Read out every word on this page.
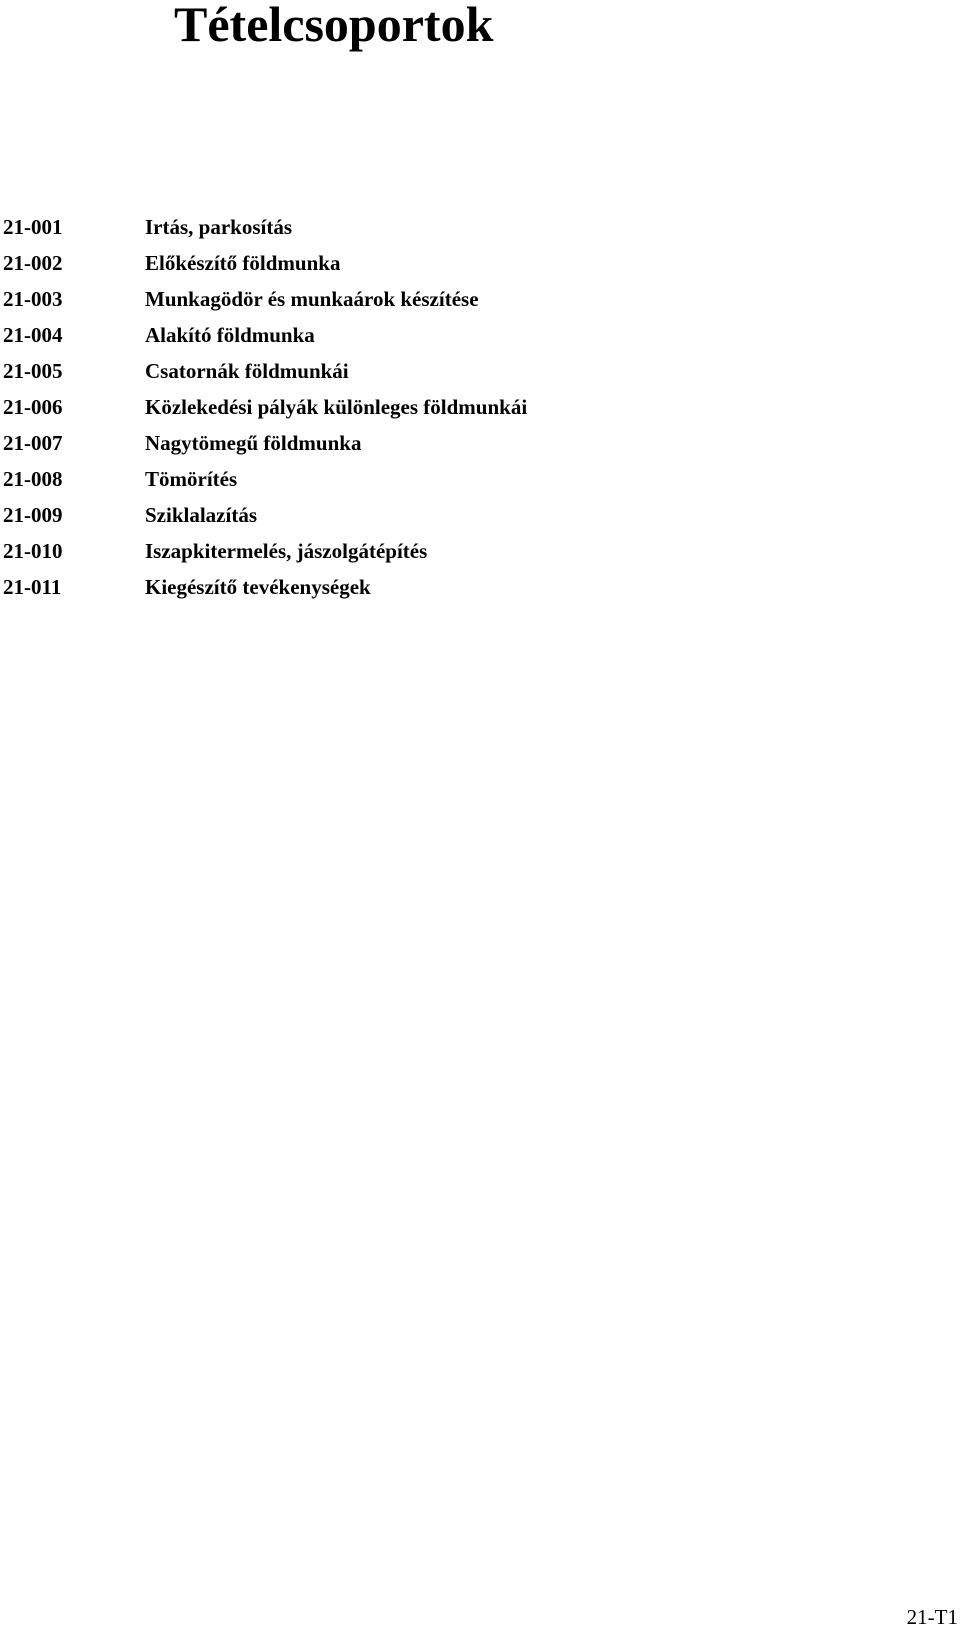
Tételcsoportok
21-001	Irtás, parkosítás
21-002	Előkészítő földmunka
21-003	Munkagödör és munkaárok készítése
21-004	Alakító földmunka
21-005	Csatornák földmunkái
21-006	Közlekedési pályák különleges földmunkái
21-007	Nagytömegű földmunka
21-008	Tömörítés
21-009	Sziklalazítás
21-010	Iszapkitermelés, jászolgátépítés
21-011	Kiegészítő tevékenységek
21-T1
